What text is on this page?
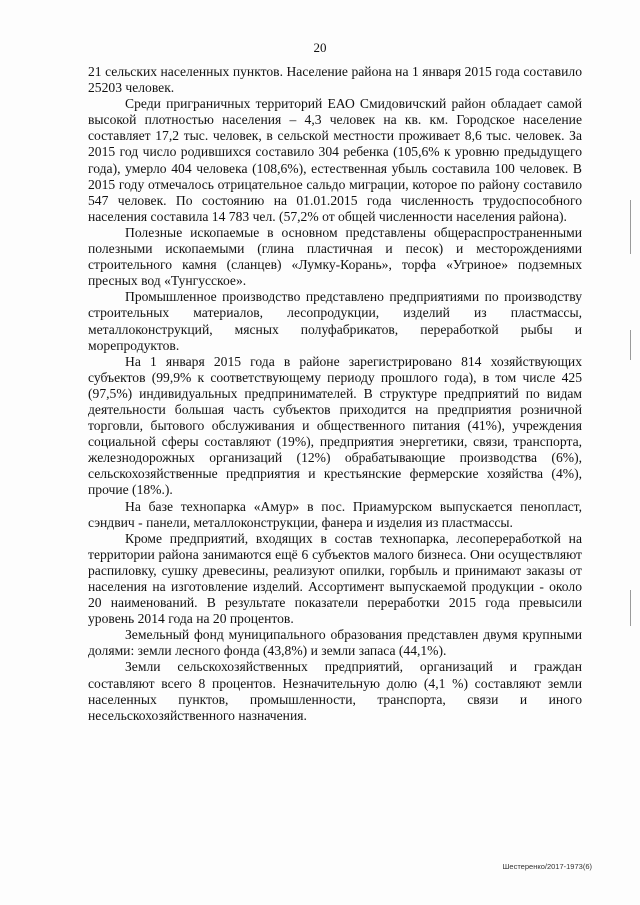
20

21 сельских населенных пунктов. Население района на 1 января 2015 года составило 25203 человек.

Среди приграничных территорий ЕАО Смидовичский район обладает самой высокой плотностью населения – 4,3 человек на кв. км. Городское население составляет 17,2 тыс. человек, в сельской местности проживает 8,6 тыс. человек. За 2015 год число родившихся составило 304 ребенка (105,6% к уровню предыдущего года), умерло 404 человека (108,6%), естественная убыль составила 100 человек. В 2015 году отмечалось отрицательное сальдо миграции, которое по району составило 547 человек. По состоянию на 01.01.2015 года численность трудоспособного населения составила 14 783 чел. (57,2% от общей численности населения района).

Полезные ископаемые в основном представлены общераспространенными полезными ископаемыми (глина пластичная и песок) и месторождениями строительного камня (сланцев) «Лумку-Корань», торфа «Угриное» подземных пресных вод «Тунгусское».

Промышленное производство представлено предприятиями по производству строительных материалов, лесопродукции, изделий из пластмассы, металлоконструкций, мясных полуфабрикатов, переработкой рыбы и морепродуктов.

На 1 января 2015 года в районе зарегистрировано 814 хозяйствующих субъектов (99,9% к соответствующему периоду прошлого года), в том числе 425 (97,5%) индивидуальных предпринимателей. В структуре предприятий по видам деятельности большая часть субъектов приходится на предприятия розничной торговли, бытового обслуживания и общественного питания (41%), учреждения социальной сферы составляют (19%), предприятия энергетики, связи, транспорта, железнодорожных организаций (12%) обрабатывающие производства (6%), сельскохозяйственные предприятия и крестьянские фермерские хозяйства (4%), прочие (18%.).

На базе технопарка «Амур» в пос. Приамурском выпускается пенопласт, сэндвич - панели, металлоконструкции, фанера и изделия из пластмассы.

Кроме предприятий, входящих в состав технопарка, лесопереработкой на территории района занимаются ещё 6 субъектов малого бизнеса. Они осуществляют распиловку, сушку древесины, реализуют опилки, горбыль и принимают заказы от населения на изготовление изделий. Ассортимент выпускаемой продукции - около 20 наименований. В результате показатели переработки 2015 года превысили уровень 2014 года на 20 процентов.

Земельный фонд муниципального образования представлен двумя крупными долями: земли лесного фонда (43,8%) и земли запаса (44,1%).

Земли сельскохозяйственных предприятий, организаций и граждан составляют всего 8 процентов. Незначительную долю (4,1 %) составляют земли населенных пунктов, промышленности, транспорта, связи и иного несельскохозяйственного назначения.

Шестеренко/2017-1973(6)
